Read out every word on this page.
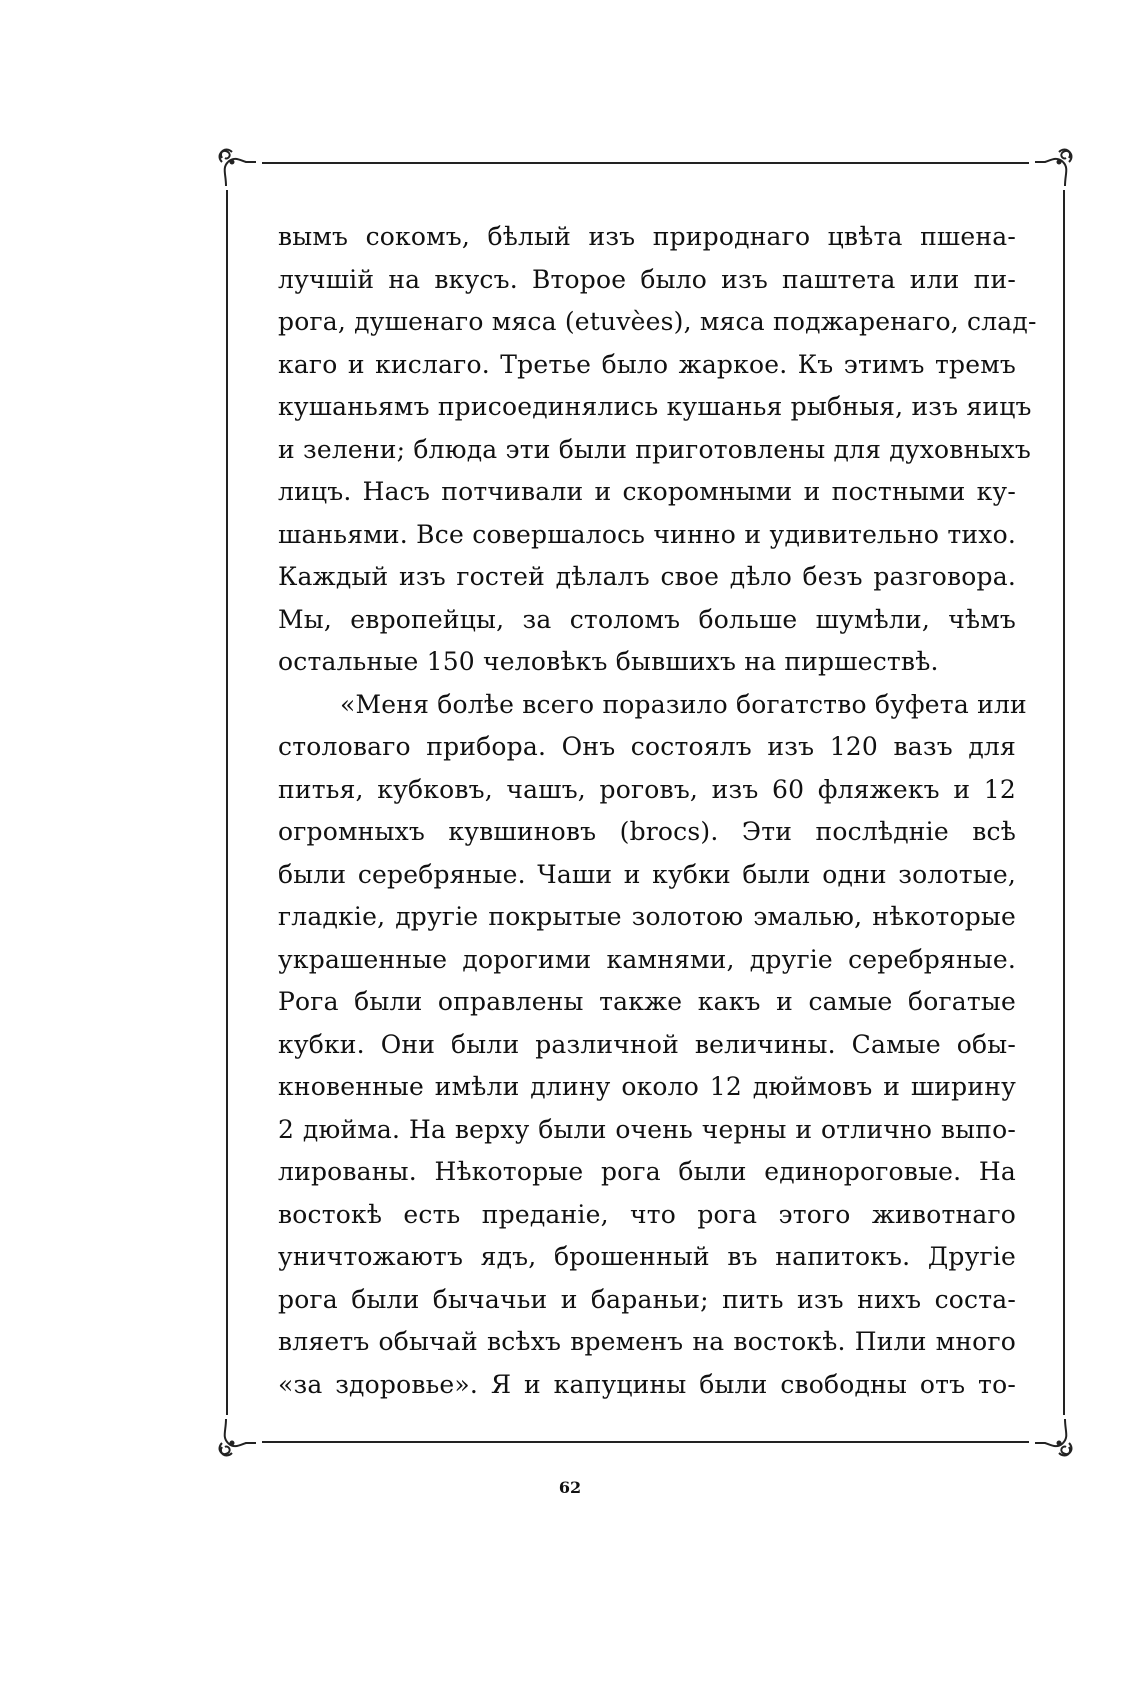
вымъ сокомъ, бѣлый изъ природнаго цвѣта пшена-
лучшій на вкусъ. Второе было изъ паштета или пи-
рога, душенаго мяса (etuvèes), мяса поджаренаго, слад-
каго и кислаго. Третье было жаркое. Къ этимъ тремъ
кушаньямъ присоединялись кушанья рыбныя, изъ яицъ
и зелени; блюда эти были приготовлены для духовныхъ
лицъ. Насъ потчивали и скоромными и постными ку-
шаньями. Все совершалось чинно и удивительно тихо.
Каждый изъ гостей дѣлалъ свое дѣло безъ разговора.
Мы, европейцы, за столомъ больше шумѣли, чѣмъ
остальные 150 человѣкъ бывшихъ на пиршествѣ.
«Меня болѣе всего поразило богатство буфета или
столоваго прибора. Онъ состоялъ изъ 120 вазъ для
питья, кубковъ, чашъ, роговъ, изъ 60 фляжекъ и 12
огромныхъ кувшиновъ (brocs). Эти послѣдніе всѣ
были серебряные. Чаши и кубки были одни золотые,
гладкіе, другіе покрытые золотою эмалью, нѣкоторые
украшенные дорогими камнями, другіе серебряные.
Рога были оправлены также какъ и самые богатые
кубки. Они были различной величины. Самые обы-
кновенные имѣли длину около 12 дюймовъ и ширину
2 дюйма. На верху были очень черны и отлично выпо-
лированы. Нѣкоторые рога были единороговые. На
востокѣ есть преданіе, что рога этого животнаго
уничтожаютъ ядъ, брошенный въ напитокъ. Другіе
рога были бычачьи и бараньи; пить изъ нихъ соста-
вляетъ обычай всѣхъ временъ на востокѣ. Пили много
«за здоровье». Я и капуцины были свободны отъ то-
62
